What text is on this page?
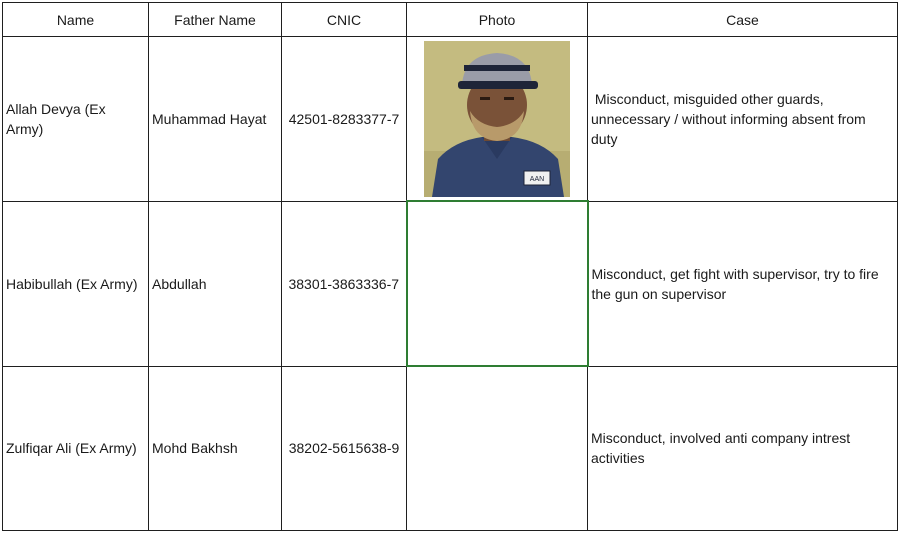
Name	Father Name	CNIC	Photo	Case
Allah Devya (Ex Army)	Muhammad Hayat	42501-8283377-7	AAN	Misconduct, misguided other guards, unnecessary / without informing absent from duty
Habibullah (Ex Army)	Abdullah	38301-3863336-7		Misconduct, get fight with supervisor, try to fire the gun on supervisor
Zulfiqar Ali (Ex Army)	Mohd Bakhsh	38202-5615638-9		Misconduct, involved anti company intrest activities
